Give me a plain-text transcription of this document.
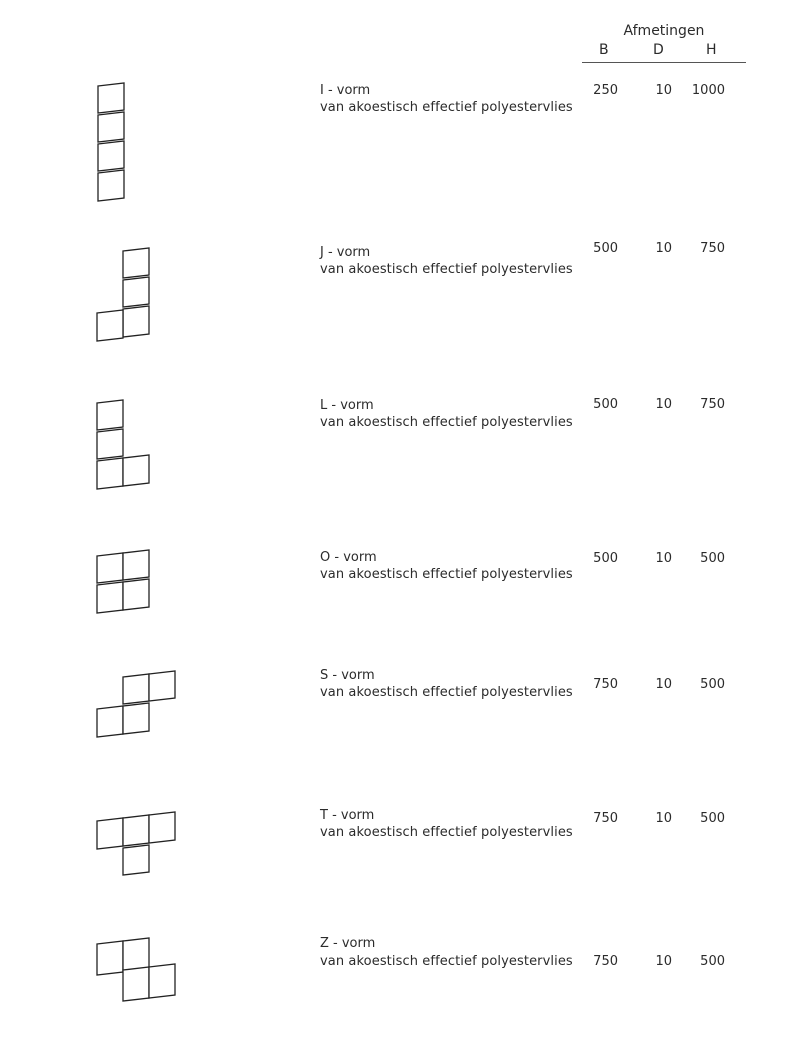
Afmetingen
B	D	H
I - vorm
van akoestisch effectief polyestervlies
250	10	1000
J - vorm
van akoestisch effectief polyestervlies
500	10	750
L - vorm
van akoestisch effectief polyestervlies
500	10	750
O - vorm
van akoestisch effectief polyestervlies
500	10	500
S - vorm
van akoestisch effectief polyestervlies
750	10	500
T - vorm
van akoestisch effectief polyestervlies
750	10	500
Z - vorm
van akoestisch effectief polyestervlies	750	10	500
